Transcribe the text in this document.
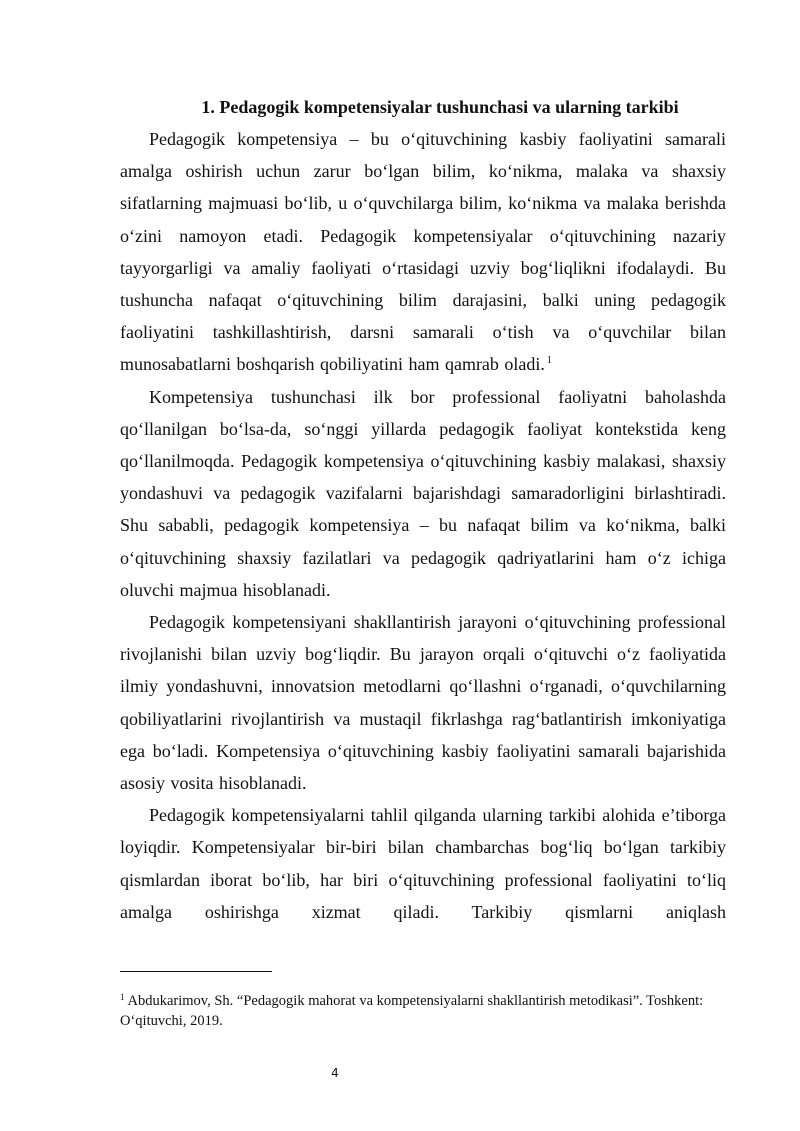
1. Pedagogik kompetensiyalar tushunchasi va ularning tarkibi

Pedagogik kompetensiya – bu o‘qituvchining kasbiy faoliyatini samarali amalga oshirish uchun zarur bo‘lgan bilim, ko‘nikma, malaka va shaxsiy sifatlarning majmuasi bo‘lib, u o‘quvchilarga bilim, ko‘nikma va malaka berishda o‘zini namoyon etadi. Pedagogik kompetensiyalar o‘qituvchining nazariy tayyorgarligi va amaliy faoliyati o‘rtasidagi uzviy bog‘liqlikni ifodalaydi. Bu tushuncha nafaqat o‘qituvchining bilim darajasini, balki uning pedagogik faoliyatini tashkillashtirish, darsni samarali o‘tish va o‘quvchilar bilan munosabatlarni boshqarish qobiliyatini ham qamrab oladi. $^1$

Kompetensiya tushunchasi ilk bor professional faoliyatni baholashda qo‘llanilgan bo‘lsa-da, so‘nggi yillarda pedagogik faoliyat kontekstida keng qo‘llanilmoqda. Pedagogik kompetensiya o‘qituvchining kasbiy malakasi, shaxsiy yondashuvi va pedagogik vazifalarni bajarishdagi samaradorligini birlashtiradi. Shu sababli, pedagogik kompetensiya – bu nafaqat bilim va ko‘nikma, balki o‘qituvchining shaxsiy fazilatlari va pedagogik qadriyatlarini ham o‘z ichiga oluvchi majmua hisoblanadi.

Pedagogik kompetensiyani shakllantirish jarayoni o‘qituvchining professional rivojlanishi bilan uzviy bog‘liqdir. Bu jarayon orqali o‘qituvchi o‘z faoliyatida ilmiy yondashuvni, innovatsion metodlarni qo‘llashni o‘rganadi, o‘quvchilarning qobiliyatlarini rivojlantirish va mustaqil fikrlashga rag‘batlantirish imkoniyatiga ega bo‘ladi. Kompetensiya o‘qituvchining kasbiy faoliyatini samarali bajarishida asosiy vosita hisoblanadi.

Pedagogik kompetensiyalarni tahlil qilganda ularning tarkibi alohida e’tiborga loyiqdir. Kompetensiyalar bir-biri bilan chambarchas bog‘liq bo‘lgan tarkibiy qismlardan iborat bo‘lib, har biri o‘qituvchining professional faoliyatini to‘liq amalga oshirishga xizmat qiladi. Tarkibiy qismlarni aniqlash

$^1$ Abdukarimov, Sh. “Pedagogik mahorat va kompetensiyalarni shakllantirish metodikasi”. Toshkent: O‘qituvchi, 2019.

4
